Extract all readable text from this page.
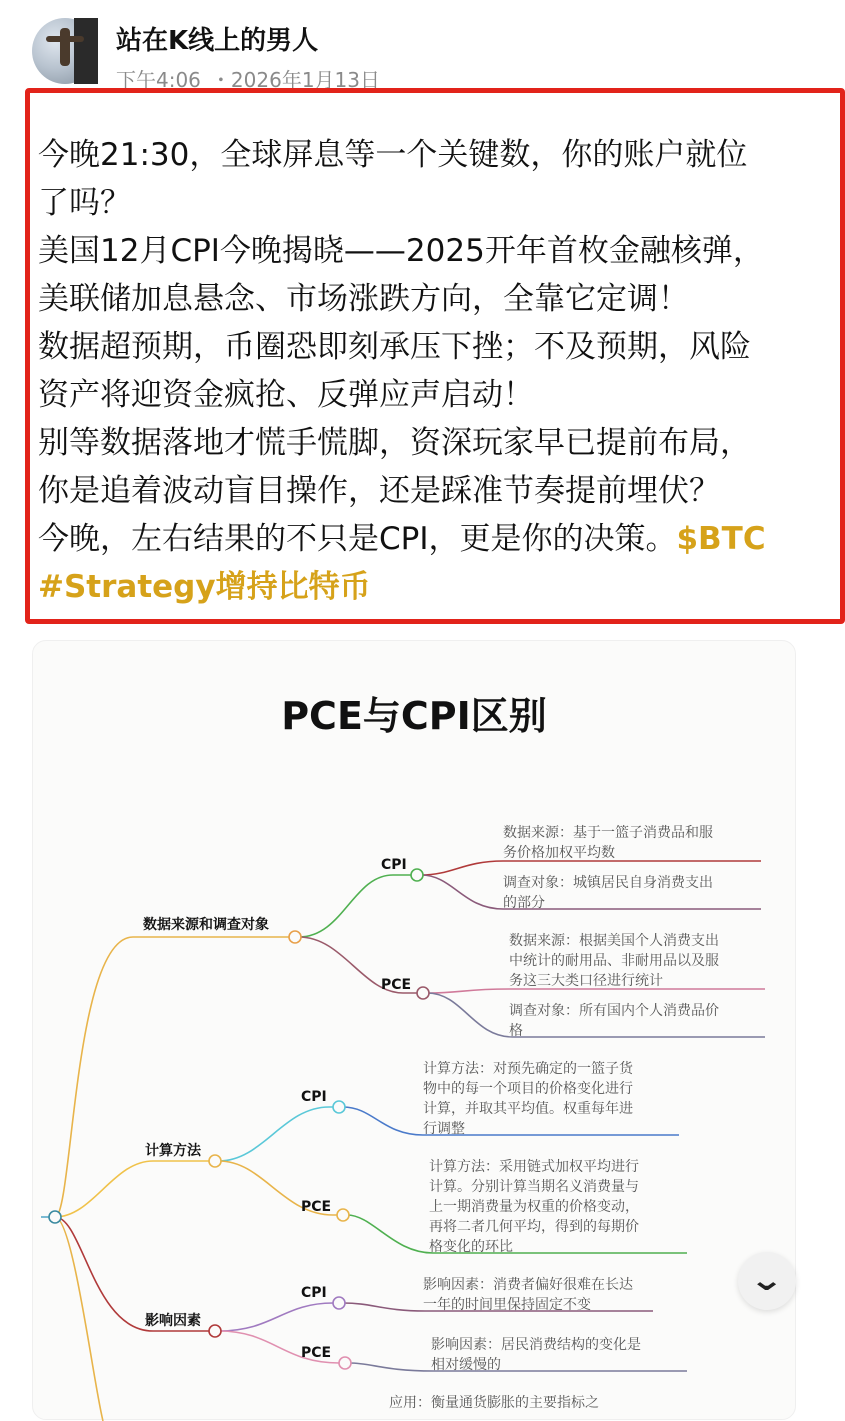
站在K线上的男人
下午4:06 ・2026年1月13日
今晚21:30，全球屏息等一个关键数，你的账户就位
了吗？
美国12月CPI今晚揭晓——2025开年首枚金融核弹，
美联储加息悬念、市场涨跌方向，全靠它定调！
数据超预期，币圈恐即刻承压下挫；不及预期，风险
资产将迎资金疯抢、反弹应声启动！
别等数据落地才慌手慌脚，资深玩家早已提前布局，
你是追着波动盲目操作，还是踩准节奏提前埋伏？
今晚，左右结果的不只是CPI，更是你的决策。$BTC
#Strategy增持比特币
PCE与CPI区别
数据来源和调查对象
计算方法
影响因素
CPI
PCE
CPI
PCE
CPI
PCE
数据来源：基于一篮子消费品和服
务价格加权平均数
调查对象：城镇居民自身消费支出
的部分
数据来源：根据美国个人消费支出
中统计的耐用品、非耐用品以及服
务这三大类口径进行统计
调查对象：所有国内个人消费品价
格
计算方法：对预先确定的一篮子货
物中的每一个项目的价格变化进行
计算，并取其平均值。权重每年进
行调整
计算方法：采用链式加权平均进行
计算。分别计算当期名义消费量与
上一期消费量为权重的价格变动，
再将二者几何平均，得到的每期价
格变化的环比
影响因素：消费者偏好很难在长达
一年的时间里保持固定不变
影响因素：居民消费结构的变化是
相对缓慢的
应用：衡量通货膨胀的主要指标之
⌄
